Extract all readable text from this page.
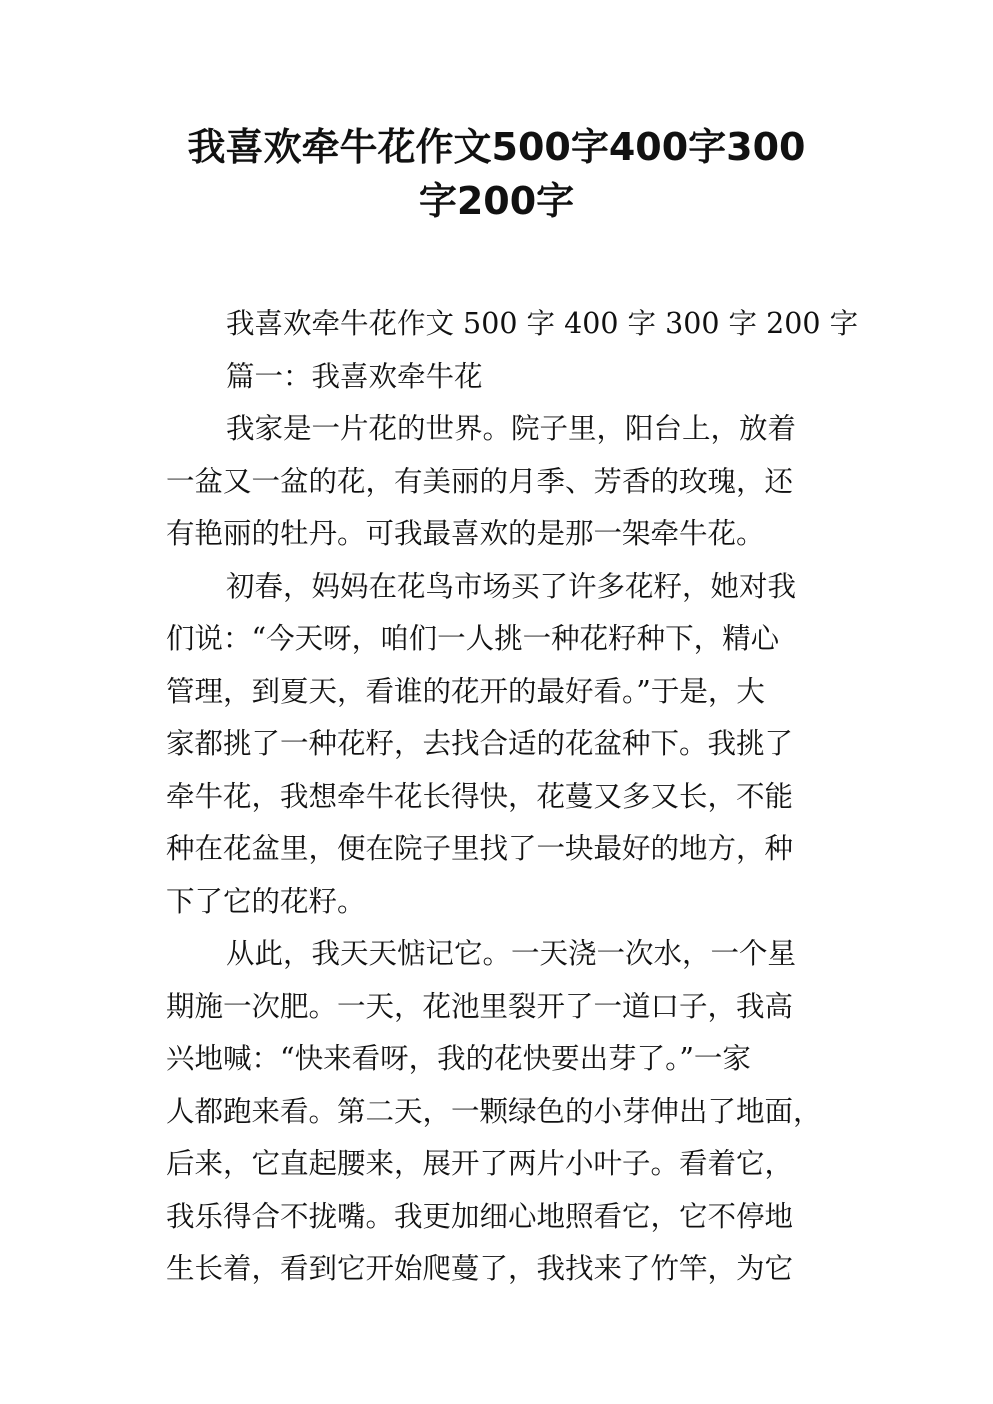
我喜欢牵牛花作文500字400字300
字200字
我喜欢牵牛花作文 500 字 400 字 300 字 200 字
篇一：我喜欢牵牛花
我家是一片花的世界。院子里，阳台上，放着
一盆又一盆的花，有美丽的月季、芳香的玫瑰，还
有艳丽的牡丹。可我最喜欢的是那一架牵牛花。
初春，妈妈在花鸟市场买了许多花籽，她对我
们说：“今天呀，咱们一人挑一种花籽种下，精心
管理，到夏天，看谁的花开的最好看。”于是，大
家都挑了一种花籽，去找合适的花盆种下。我挑了
牵牛花，我想牵牛花长得快，花蔓又多又长，不能
种在花盆里，便在院子里找了一块最好的地方，种
下了它的花籽。
从此，我天天惦记它。一天浇一次水，一个星
期施一次肥。一天，花池里裂开了一道口子，我高
兴地喊：“快来看呀，我的花快要出芽了。”一家
人都跑来看。第二天，一颗绿色的小芽伸出了地面，
后来，它直起腰来，展开了两片小叶子。看着它，
我乐得合不拢嘴。我更加细心地照看它，它不停地
生长着，看到它开始爬蔓了，我找来了竹竿，为它
